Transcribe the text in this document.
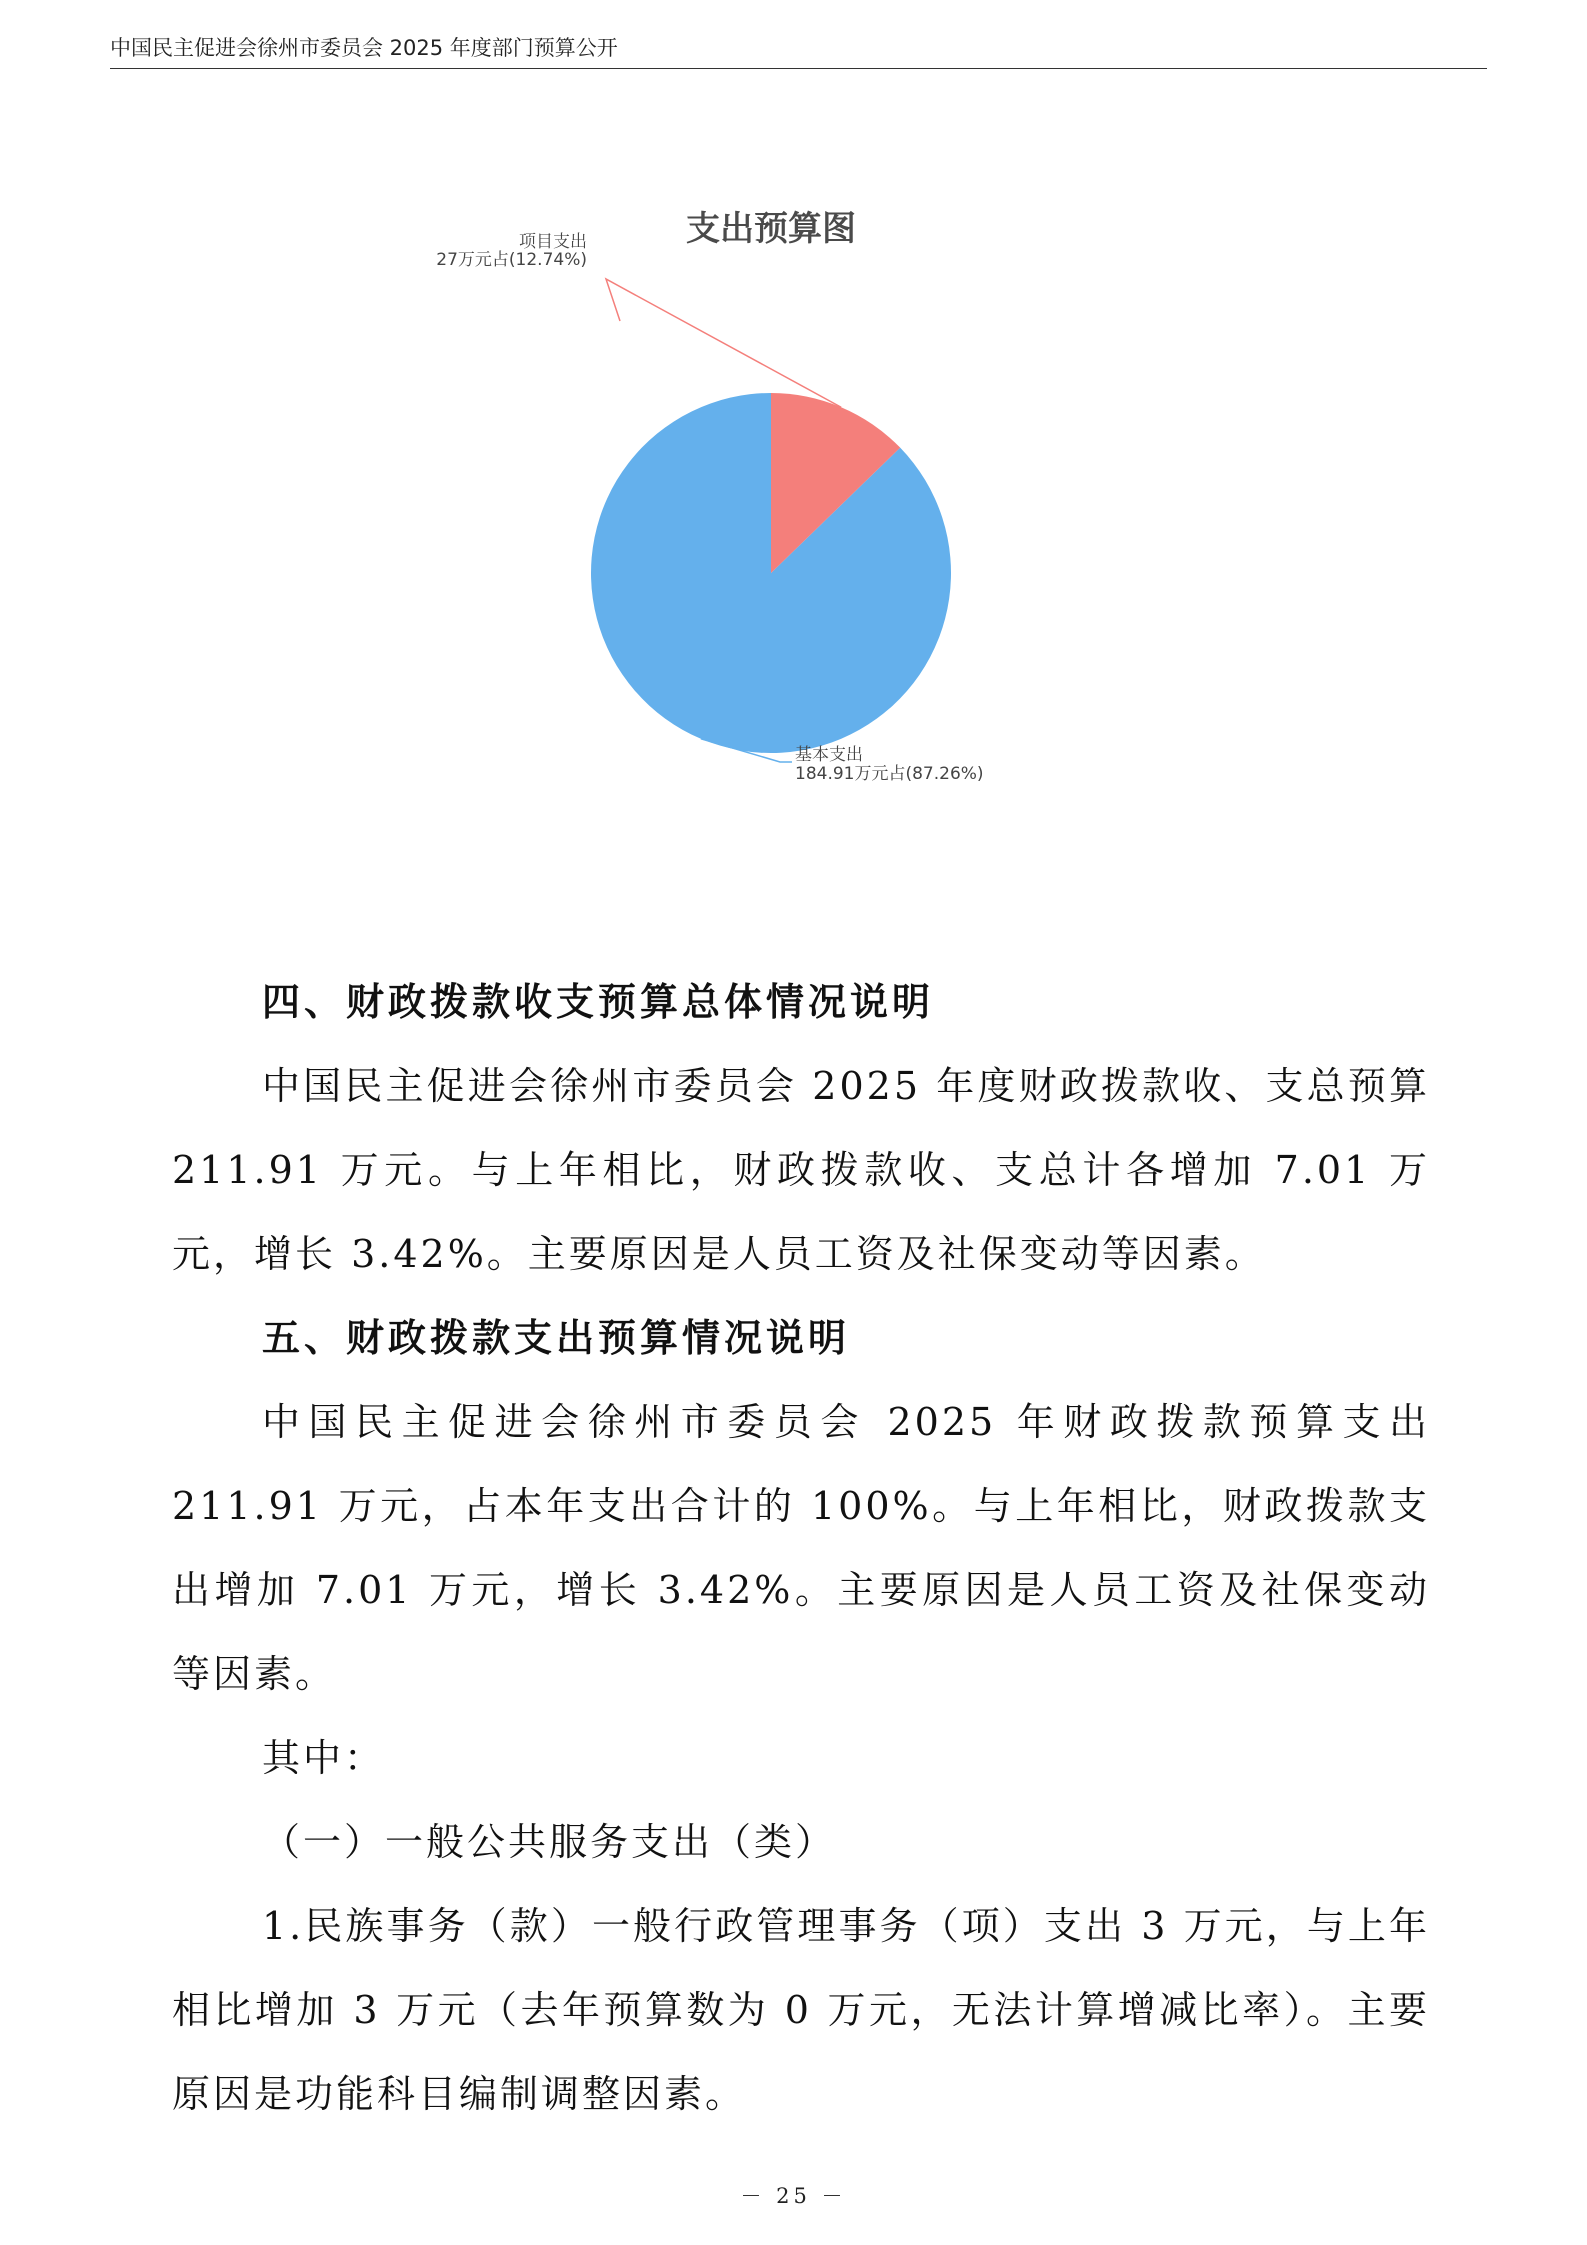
中国民主促进会徐州市委员会 2025 年度部门预算公开
支出预算图
基本支出
184.91万元占(87.26%)
项目支出
27万元占(12.74%)

四、财政拨款收支预算总体情况说明

中国民主促进会徐州市委员会 2025 年度财政拨款收、支总预算 211.91 万元。与上年相比，财政拨款收、支总计各增加 7.01 万元，增长 3.42%。主要原因是人员工资及社保变动等因素。

五、财政拨款支出预算情况说明

中国民主促进会徐州市委员会 2025 年财政拨款预算支出 211.91 万元，占本年支出合计的 100%。与上年相比，财政拨款支出增加 7.01 万元，增长 3.42%。主要原因是人员工资及社保变动等因素。

其中：

（一）一般公共服务支出（类）

1.民族事务（款）一般行政管理事务（项）支出 3 万元，与上年相比增加 3 万元（去年预算数为 0 万元，无法计算增减比率）。主要原因是功能科目编制调整因素。

－ 25 －
